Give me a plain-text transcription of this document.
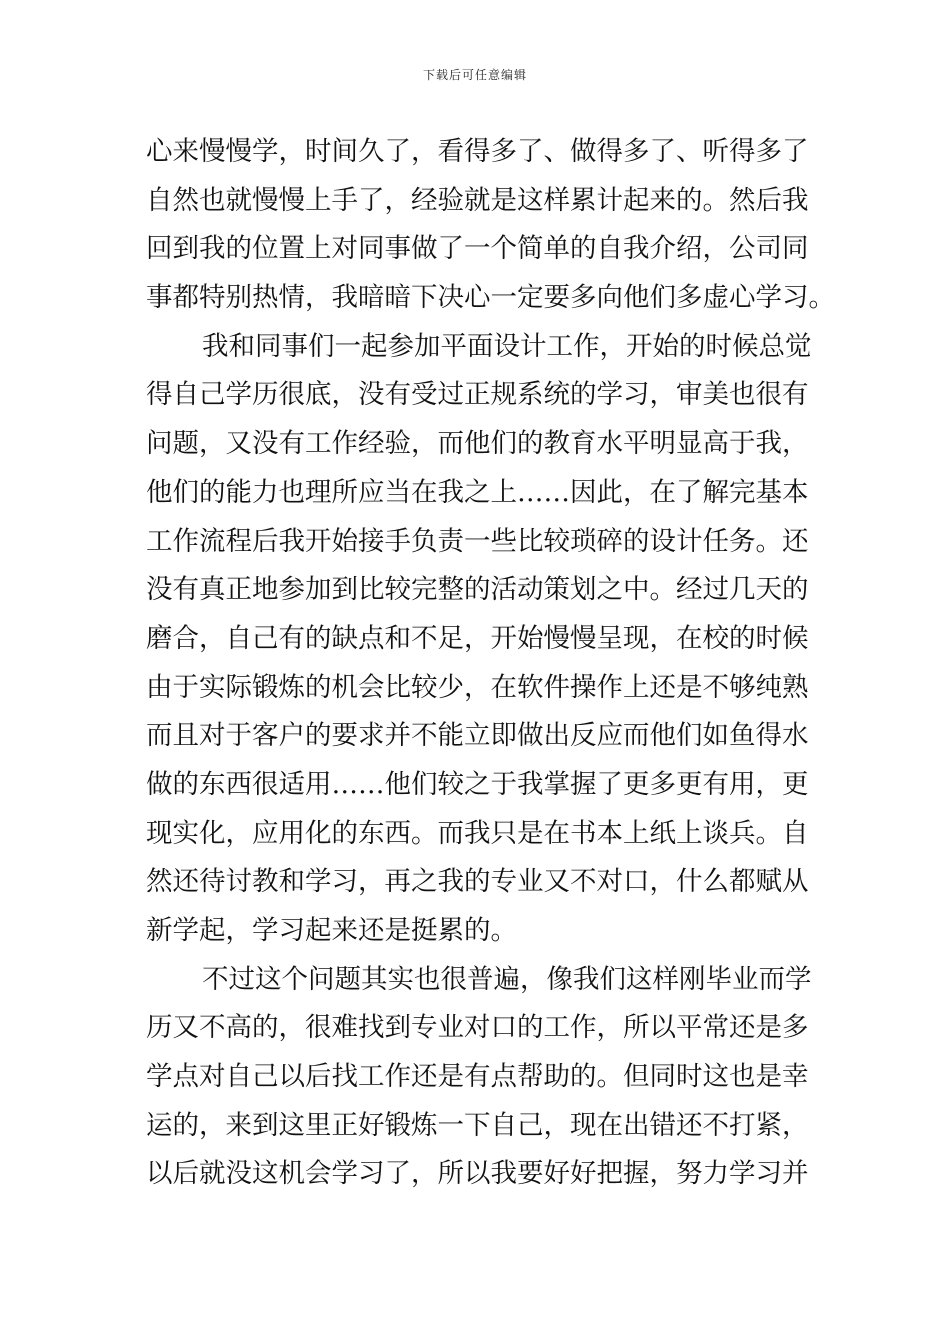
下载后可任意编辑
心来慢慢学，时间久了，看得多了、做得多了、听得多了
自然也就慢慢上手了，经验就是这样累计起来的。然后我
回到我的位置上对同事做了一个简单的自我介绍，公司同
事都特别热情，我暗暗下决心一定要多向他们多虚心学习。
我和同事们一起参加平面设计工作，开始的时候总觉
得自己学历很底，没有受过正规系统的学习，审美也很有
问题，又没有工作经验，而他们的教育水平明显高于我，
他们的能力也理所应当在我之上……因此，在了解完基本
工作流程后我开始接手负责一些比较琐碎的设计任务。还
没有真正地参加到比较完整的活动策划之中。经过几天的
磨合，自己有的缺点和不足，开始慢慢呈现，在校的时候
由于实际锻炼的机会比较少，在软件操作上还是不够纯熟
而且对于客户的要求并不能立即做出反应而他们如鱼得水
做的东西很适用……他们较之于我掌握了更多更有用，更
现实化，应用化的东西。而我只是在书本上纸上谈兵。自
然还待讨教和学习，再之我的专业又不对口，什么都赋从
新学起，学习起来还是挺累的。
不过这个问题其实也很普遍，像我们这样刚毕业而学
历又不高的，很难找到专业对口的工作，所以平常还是多
学点对自己以后找工作还是有点帮助的。但同时这也是幸
运的，来到这里正好锻炼一下自己，现在出错还不打紧，
以后就没这机会学习了，所以我要好好把握，努力学习并
